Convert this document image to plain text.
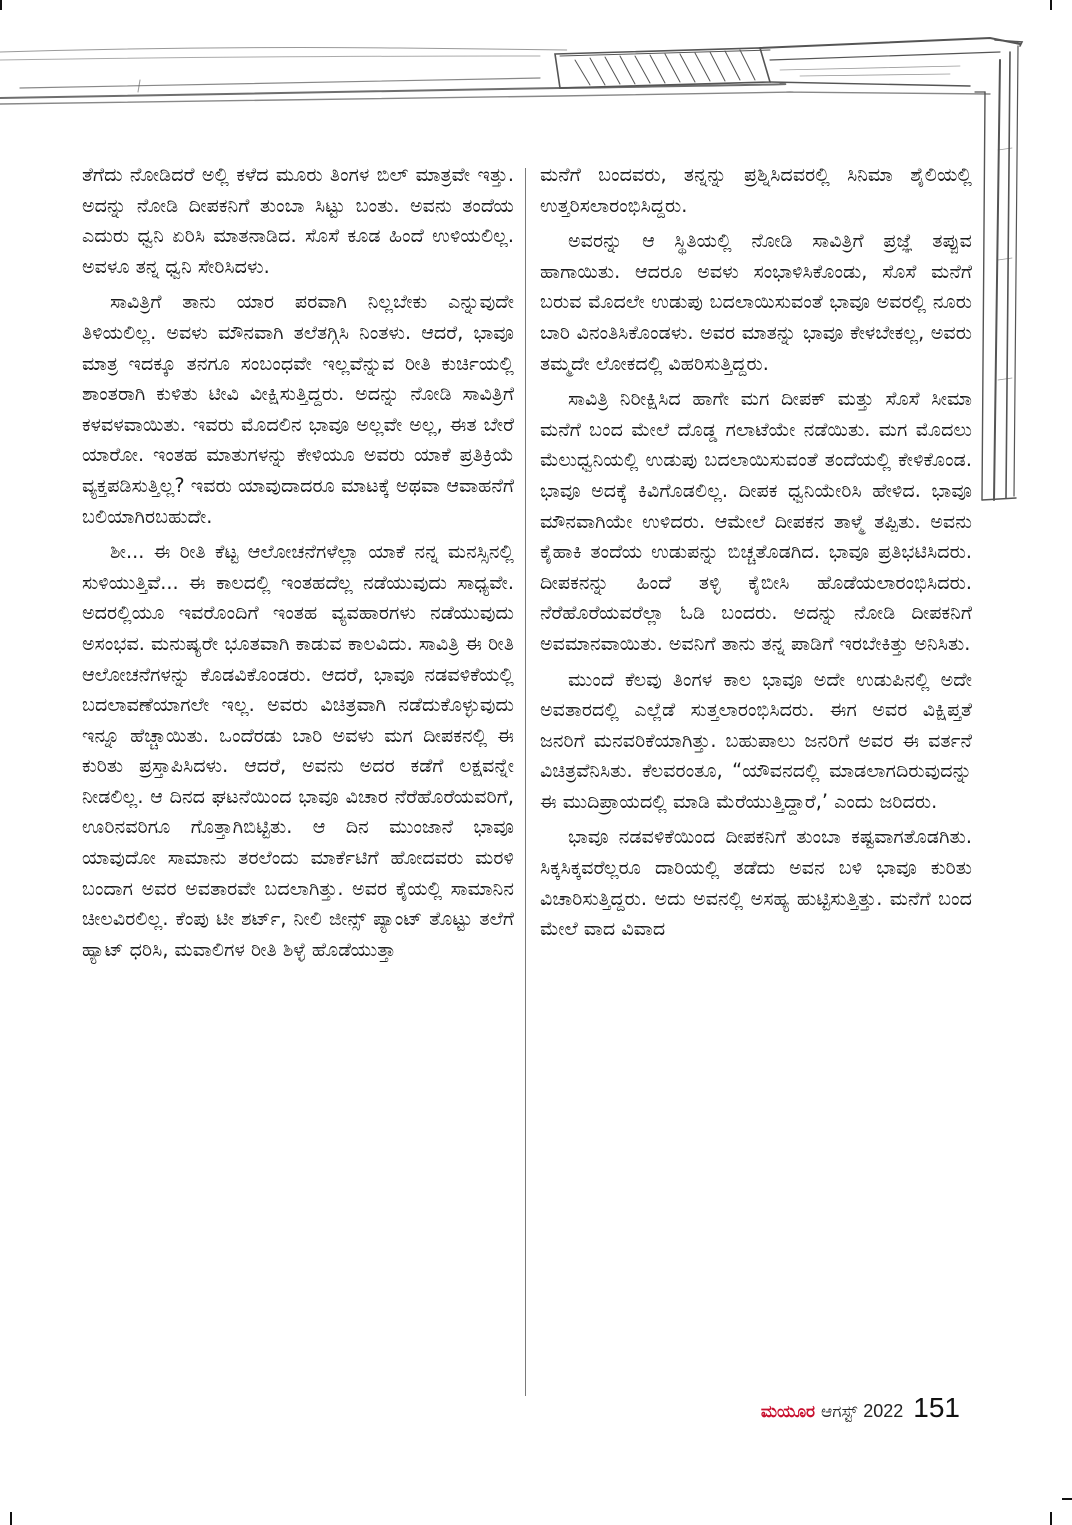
ತೆಗೆದು ನೋಡಿದರೆ ಅಲ್ಲಿ ಕಳೆದ ಮೂರು ತಿಂಗಳ ಬಿಲ್ ಮಾತ್ರವೇ ಇತ್ತು. ಅದನ್ನು ನೋಡಿ ದೀಪಕನಿಗೆ ತುಂಬಾ ಸಿಟ್ಟು ಬಂತು. ಅವನು ತಂದೆಯ ಎದುರು ಧ್ವನಿ ಏರಿಸಿ ಮಾತನಾಡಿದ. ಸೊಸೆ ಕೂಡ ಹಿಂದೆ ಉಳಿಯಲಿಲ್ಲ. ಅವಳೂ ತನ್ನ ಧ್ವನಿ ಸೇರಿಸಿದಳು.

ಸಾವಿತ್ರಿಗೆ ತಾನು ಯಾರ ಪರವಾಗಿ ನಿಲ್ಲಬೇಕು ಎನ್ನುವುದೇ ತಿಳಿಯಲಿಲ್ಲ. ಅವಳು ಮೌನವಾಗಿ ತಲೆತಗ್ಗಿಸಿ ನಿಂತಳು. ಆದರೆ, ಭಾವೂ ಮಾತ್ರ ಇದಕ್ಕೂ ತನಗೂ ಸಂಬಂಧವೇ ಇಲ್ಲವೆನ್ನುವ ರೀತಿ ಕುರ್ಚಿಯಲ್ಲಿ ಶಾಂತರಾಗಿ ಕುಳಿತು ಟೀವಿ ವೀಕ್ಷಿಸುತ್ತಿದ್ದರು. ಅದನ್ನು ನೋಡಿ ಸಾವಿತ್ರಿಗೆ ಕಳವಳವಾಯಿತು. ಇವರು ಮೊದಲಿನ ಭಾವೂ ಅಲ್ಲವೇ ಅಲ್ಲ, ಈತ ಬೇರೆ ಯಾರೋ. ಇಂತಹ ಮಾತುಗಳನ್ನು ಕೇಳಿಯೂ ಅವರು ಯಾಕೆ ಪ್ರತಿಕ್ರಿಯೆ ವ್ಯಕ್ತಪಡಿಸುತ್ತಿಲ್ಲ? ಇವರು ಯಾವುದಾದರೂ ಮಾಟಕ್ಕೆ ಅಥವಾ ಆವಾಹನೆಗೆ ಬಲಿಯಾಗಿರಬಹುದೇ.

ಶೀ... ಈ ರೀತಿ ಕೆಟ್ಟ ಆಲೋಚನೆಗಳೆಲ್ಲಾ ಯಾಕೆ ನನ್ನ ಮನಸ್ಸಿನಲ್ಲಿ ಸುಳಿಯುತ್ತಿವೆ... ಈ ಕಾಲದಲ್ಲಿ ಇಂತಹದೆಲ್ಲ ನಡೆಯುವುದು ಸಾಧ್ಯವೇ. ಅದರಲ್ಲಿಯೂ ಇವರೊಂದಿಗೆ ಇಂತಹ ವ್ಯವಹಾರಗಳು ನಡೆಯುವುದು ಅಸಂಭವ. ಮನುಷ್ಯರೇ ಭೂತವಾಗಿ ಕಾಡುವ ಕಾಲವಿದು. ಸಾವಿತ್ರಿ ಈ ರೀತಿ ಆಲೋಚನೆಗಳನ್ನು ಕೊಡವಿಕೊಂಡರು. ಆದರೆ, ಭಾವೂ ನಡವಳಿಕೆಯಲ್ಲಿ ಬದಲಾವಣೆಯಾಗಲೇ ಇಲ್ಲ. ಅವರು ವಿಚಿತ್ರವಾಗಿ ನಡೆದುಕೊಳ್ಳುವುದು ಇನ್ನೂ ಹೆಚ್ಚಾಯಿತು. ಒಂದೆರಡು ಬಾರಿ ಅವಳು ಮಗ ದೀಪಕನಲ್ಲಿ ಈ ಕುರಿತು ಪ್ರಸ್ತಾಪಿಸಿದಳು. ಆದರೆ, ಅವನು ಅದರ ಕಡೆಗೆ ಲಕ್ಷವನ್ನೇ ನೀಡಲಿಲ್ಲ. ಆ ದಿನದ ಘಟನೆಯಿಂದ ಭಾವೂ ವಿಚಾರ ನೆರೆಹೊರೆಯವರಿಗೆ, ಊರಿನವರಿಗೂ ಗೊತ್ತಾಗಿಬಿಟ್ಟಿತು. ಆ ದಿನ ಮುಂಜಾನೆ ಭಾವೂ ಯಾವುದೋ ಸಾಮಾನು ತರಲೆಂದು ಮಾರ್ಕೆಟಿಗೆ ಹೋದವರು ಮರಳಿ ಬಂದಾಗ ಅವರ ಅವತಾರವೇ ಬದಲಾಗಿತ್ತು. ಅವರ ಕೈಯಲ್ಲಿ ಸಾಮಾನಿನ ಚೀಲವಿರಲಿಲ್ಲ. ಕೆಂಪು ಟೀ ಶರ್ಟ್, ನೀಲಿ ಜೀನ್ಸ್ ಪ್ಯಾಂಟ್ ತೊಟ್ಟು ತಲೆಗೆ ಹ್ಯಾಟ್ ಧರಿಸಿ, ಮವಾಲಿಗಳ ರೀತಿ ಶಿಳ್ಳೆ ಹೊಡೆಯುತ್ತಾ

ಮನೆಗೆ ಬಂದವರು, ತನ್ನನ್ನು ಪ್ರಶ್ನಿಸಿದವರಲ್ಲಿ ಸಿನಿಮಾ ಶೈಲಿಯಲ್ಲಿ ಉತ್ತರಿಸಲಾರಂಭಿಸಿದ್ದರು.

ಅವರನ್ನು ಆ ಸ್ಥಿತಿಯಲ್ಲಿ ನೋಡಿ ಸಾವಿತ್ರಿಗೆ ಪ್ರಜ್ಞೆ ತಪ್ಪುವ ಹಾಗಾಯಿತು. ಆದರೂ ಅವಳು ಸಂಭಾಳಿಸಿಕೊಂಡು, ಸೊಸೆ ಮನೆಗೆ ಬರುವ ಮೊದಲೇ ಉಡುಪು ಬದಲಾಯಿಸುವಂತೆ ಭಾವೂ ಅವರಲ್ಲಿ ನೂರು ಬಾರಿ ವಿನಂತಿಸಿಕೊಂಡಳು. ಅವರ ಮಾತನ್ನು ಭಾವೂ ಕೇಳಬೇಕಲ್ಲ, ಅವರು ತಮ್ಮದೇ ಲೋಕದಲ್ಲಿ ವಿಹರಿಸುತ್ತಿದ್ದರು.

ಸಾವಿತ್ರಿ ನಿರೀಕ್ಷಿಸಿದ ಹಾಗೇ ಮಗ ದೀಪಕ್ ಮತ್ತು ಸೊಸೆ ಸೀಮಾ ಮನೆಗೆ ಬಂದ ಮೇಲೆ ದೊಡ್ಡ ಗಲಾಟೆಯೇ ನಡೆಯಿತು. ಮಗ ಮೊದಲು ಮೆಲುಧ್ವನಿಯಲ್ಲಿ ಉಡುಪು ಬದಲಾಯಿಸುವಂತೆ ತಂದೆಯಲ್ಲಿ ಕೇಳಿಕೊಂಡ. ಭಾವೂ ಅದಕ್ಕೆ ಕಿವಿಗೊಡಲಿಲ್ಲ. ದೀಪಕ ಧ್ವನಿಯೇರಿಸಿ ಹೇಳಿದ. ಭಾವೂ ಮೌನವಾಗಿಯೇ ಉಳಿದರು. ಆಮೇಲೆ ದೀಪಕನ ತಾಳ್ಮೆ ತಪ್ಪಿತು. ಅವನು ಕೈಹಾಕಿ ತಂದೆಯ ಉಡುಪನ್ನು ಬಿಚ್ಚತೊಡಗಿದ. ಭಾವೂ ಪ್ರತಿಭಟಿಸಿದರು. ದೀಪಕನನ್ನು ಹಿಂದೆ ತಳ್ಳಿ ಕೈಬೀಸಿ ಹೊಡೆಯಲಾರಂಭಿಸಿದರು. ನೆರೆಹೊರೆಯವರೆಲ್ಲಾ ಓಡಿ ಬಂದರು. ಅದನ್ನು ನೋಡಿ ದೀಪಕನಿಗೆ ಅವಮಾನವಾಯಿತು. ಅವನಿಗೆ ತಾನು ತನ್ನ ಪಾಡಿಗೆ ಇರಬೇಕಿತ್ತು ಅನಿಸಿತು.

ಮುಂದೆ ಕೆಲವು ತಿಂಗಳ ಕಾಲ ಭಾವೂ ಅದೇ ಉಡುಪಿನಲ್ಲಿ ಅದೇ ಅವತಾರದಲ್ಲಿ ಎಲ್ಲೆಡೆ ಸುತ್ತಲಾರಂಭಿಸಿದರು. ಈಗ ಅವರ ವಿಕ್ಷಿಪ್ತತೆ ಜನರಿಗೆ ಮನವರಿಕೆಯಾಗಿತ್ತು. ಬಹುಪಾಲು ಜನರಿಗೆ ಅವರ ಈ ವರ್ತನೆ ವಿಚಿತ್ರವೆನಿಸಿತು. ಕೆಲವರಂತೂ, “ಯೌವನದಲ್ಲಿ ಮಾಡಲಾಗದಿರುವುದನ್ನು ಈ ಮುದಿಪ್ರಾಯದಲ್ಲಿ ಮಾಡಿ ಮೆರೆಯುತ್ತಿದ್ದಾರೆ,’ ಎಂದು ಜರಿದರು.

ಭಾವೂ ನಡವಳಿಕೆಯಿಂದ ದೀಪಕನಿಗೆ ತುಂಬಾ ಕಷ್ಟವಾಗತೊಡಗಿತು. ಸಿಕ್ಕಸಿಕ್ಕವರೆಲ್ಲರೂ ದಾರಿಯಲ್ಲಿ ತಡೆದು ಅವನ ಬಳಿ ಭಾವೂ ಕುರಿತು ವಿಚಾರಿಸುತ್ತಿದ್ದರು. ಅದು ಅವನಲ್ಲಿ ಅಸಹ್ಯ ಹುಟ್ಟಿಸುತ್ತಿತ್ತು. ಮನೆಗೆ ಬಂದ ಮೇಲೆ ವಾದ ವಿವಾದ

ಮಯೂರ ಆಗಸ್ಟ್ 2022 151
